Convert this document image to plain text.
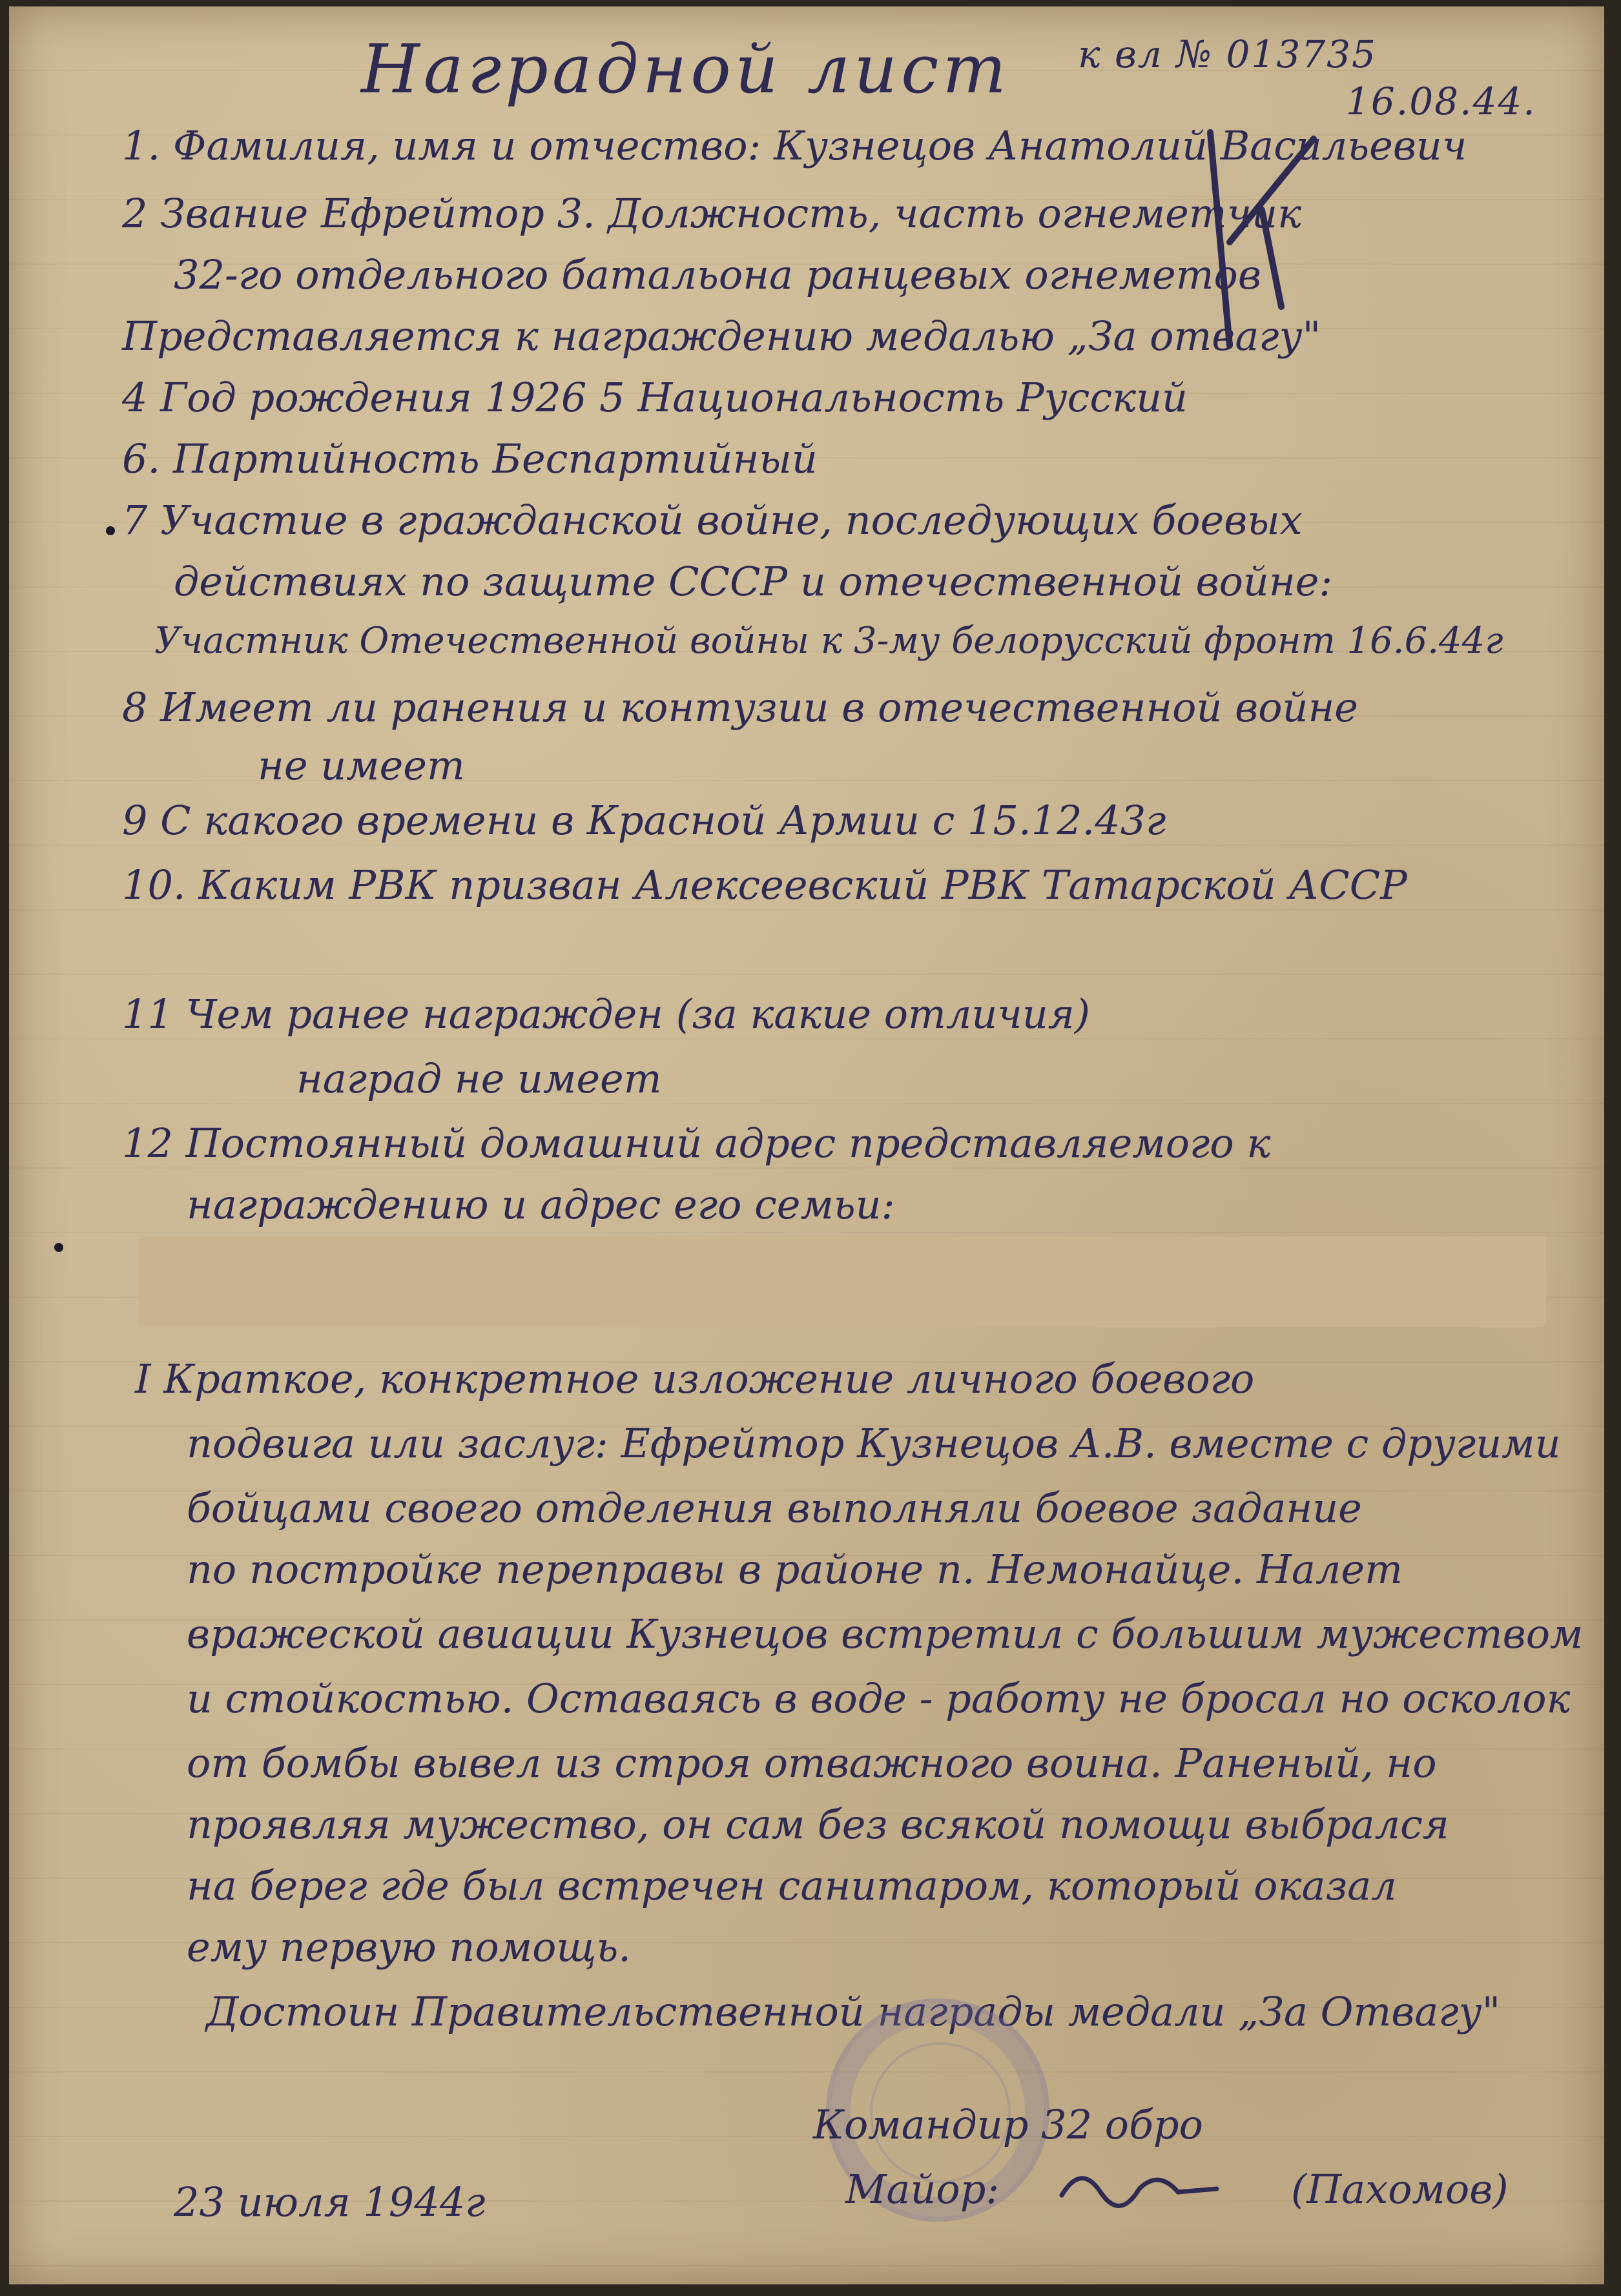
Наградной лист к вл № 013735
16.08.44.
1. Фамилия, имя и отчество: Кузнецов Анатолий Васильевич
2 Звание Ефрейтор 3. Должность, часть огнеметчик
32-го отдельного батальона ранцевых огнеметов
Представляется к награждению медалью „За отвагу"
4 Год рождения 1926 5 Национальность Русский
6. Партийность Беспартийный
7 Участие в гражданской войне, последующих боевых
действиях по защите СССР и отечественной войне:
Участник Отечественной войны к 3-му белорусский фронт 16.6.44г
8 Имеет ли ранения и контузии в отечественной войне
не имеет
9 С какого времени в Красной Армии с 15.12.43г
10. Каким РВК призван Алексеевский РВК Татарской АССР
11 Чем ранее награжден (за какие отличия)
наград не имеет
12 Постоянный домашний адрес представляемого к
награждению и адрес его семьи:
I Краткое, конкретное изложение личного боевого
подвига или заслуг: Ефрейтор Кузнецов А.В. вместе с другими
бойцами своего отделения выполняли боевое задание
по постройке переправы в районе п. Немонайце. Налет
вражеской авиации Кузнецов встретил с большим мужеством
и стойкостью. Оставаясь в воде - работу не бросал но осколок
от бомбы вывел из строя отважного воина. Раненый, но
проявляя мужество, он сам без всякой помощи выбрался
на берег где был встречен санитаром, который оказал
ему первую помощь.
Достоин Правительственной награды медали „За Отвагу"
Командир 32 обро
Майор:	(Пахомов)
23 июля 1944г
